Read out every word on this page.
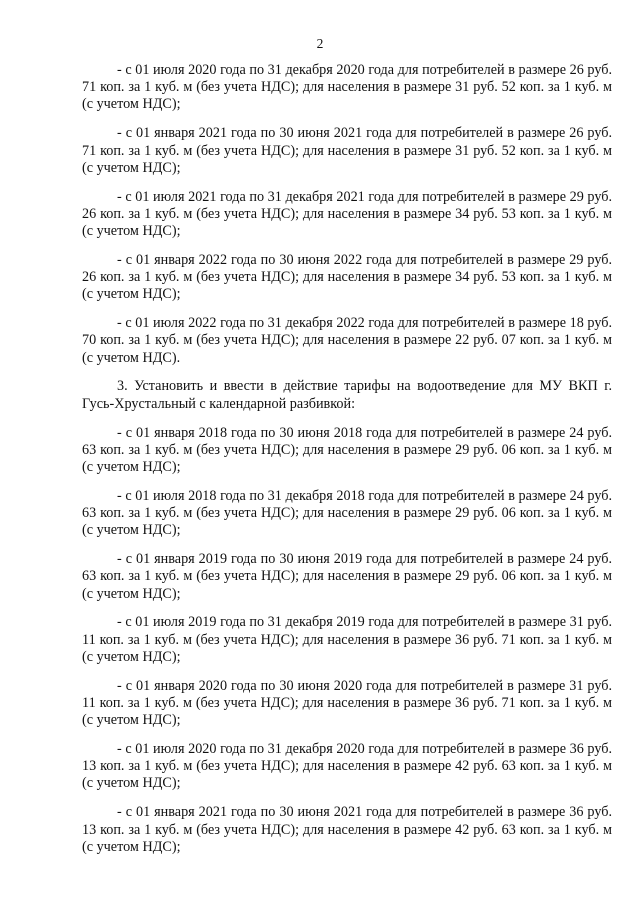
2

- с 01 июля 2020 года по 31 декабря 2020 года для потребителей в размере 26 руб. 71 коп. за 1 куб. м (без учета НДС); для населения в размере 31 руб. 52 коп. за 1 куб. м (с учетом НДС);

- с 01 января 2021 года по 30 июня 2021 года для потребителей в размере 26 руб. 71 коп. за 1 куб. м (без учета НДС); для населения в размере 31 руб. 52 коп. за 1 куб. м (с учетом НДС);

- с 01 июля 2021 года по 31 декабря 2021 года для потребителей в размере 29 руб. 26 коп. за 1 куб. м (без учета НДС); для населения в размере 34 руб. 53 коп. за 1 куб. м (с учетом НДС);

- с 01 января 2022 года по 30 июня 2022 года для потребителей в размере 29 руб. 26 коп. за 1 куб. м (без учета НДС); для населения в размере 34 руб. 53 коп. за 1 куб. м (с учетом НДС);

- с 01 июля 2022 года по 31 декабря 2022 года для потребителей в размере 18 руб. 70 коп. за 1 куб. м (без учета НДС); для населения в размере 22 руб. 07 коп. за 1 куб. м (с учетом НДС).

3. Установить и ввести в действие тарифы на водоотведение для МУ ВКП г. Гусь-Хрустальный с календарной разбивкой:

- с 01 января 2018 года по 30 июня 2018 года для потребителей в размере 24 руб. 63 коп. за 1 куб. м (без учета НДС); для населения в размере 29 руб. 06 коп. за 1 куб. м (с учетом НДС);

- с 01 июля 2018 года по 31 декабря 2018 года для потребителей в размере 24 руб. 63 коп. за 1 куб. м (без учета НДС); для населения в размере 29 руб. 06 коп. за 1 куб. м (с учетом НДС);

- с 01 января 2019 года по 30 июня 2019 года для потребителей в размере 24 руб. 63 коп. за 1 куб. м (без учета НДС); для населения в размере 29 руб. 06 коп. за 1 куб. м (с учетом НДС);

- с 01 июля 2019 года по 31 декабря 2019 года для потребителей в размере 31 руб. 11 коп. за 1 куб. м (без учета НДС); для населения в размере 36 руб. 71 коп. за 1 куб. м (с учетом НДС);

- с 01 января 2020 года по 30 июня 2020 года для потребителей в размере 31 руб. 11 коп. за 1 куб. м (без учета НДС); для населения в размере 36 руб. 71 коп. за 1 куб. м (с учетом НДС);

- с 01 июля 2020 года по 31 декабря 2020 года для потребителей в размере 36 руб. 13 коп. за 1 куб. м (без учета НДС); для населения в размере 42 руб. 63 коп. за 1 куб. м (с учетом НДС);

- с 01 января 2021 года по 30 июня 2021 года для потребителей в размере 36 руб. 13 коп. за 1 куб. м (без учета НДС); для населения в размере 42 руб. 63 коп. за 1 куб. м (с учетом НДС);
